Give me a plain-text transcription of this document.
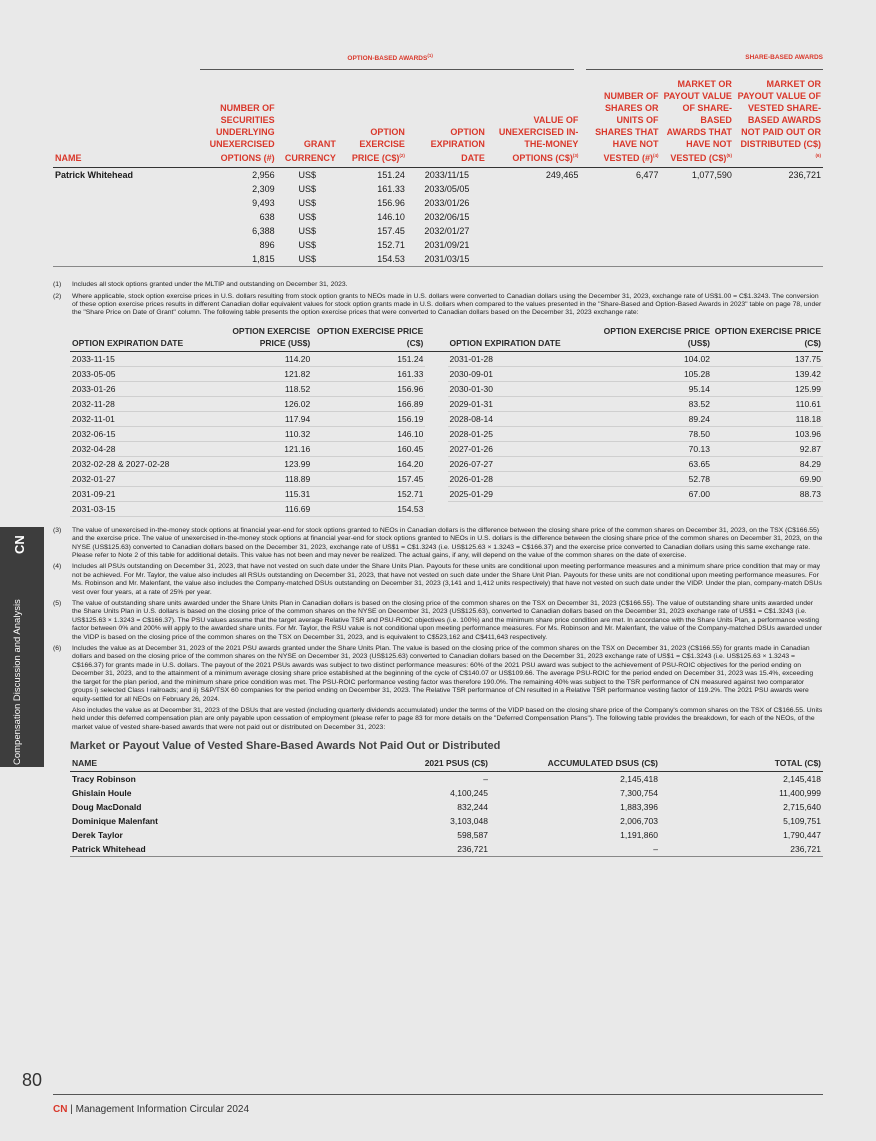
CN
Compensation Discussion and Analysis
	OPTION-BASED AWARDS$^{(1)}$					SHARE-BASED AWARDS		

NAME	NUMBER OF SECURITIES UNDERLYING UNEXERCISED OPTIONS (#)	GRANT CURRENCY	OPTION EXERCISE PRICE (C$)$^{(2)}$	OPTION EXPIRATION DATE	VALUE OF UNEXERCISED IN-THE-MONEY OPTIONS (C$)$^{(3)}$	NUMBER OF SHARES OR UNITS OF SHARES THAT HAVE NOT VESTED (#)$^{(4)}$	MARKET OR PAYOUT VALUE OF SHARE-BASED AWARDS THAT HAVE NOT VESTED (C$)$^{(5)}$	MARKET OR PAYOUT VALUE OF VESTED SHARE-BASED AWARDS NOT PAID OUT OR DISTRIBUTED (C$)$^{(6)}$
Patrick Whitehead	2,956	US$	151.24	2033/11/15	249,465	6,477	1,077,590	236,721
	2,309	US$	161.33	2033/05/05				
	9,493	US$	156.96	2033/01/26				
	638	US$	146.10	2032/06/15				
	6,388	US$	157.45	2032/01/27				
	896	US$	152.71	2031/09/21				
	1,815	US$	154.53	2031/03/15				
(1) Includes all stock options granted under the MLTIP and outstanding on December 31, 2023.
(2) Where applicable, stock option exercise prices in U.S. dollars resulting from stock option grants to NEOs made in U.S. dollars were converted to Canadian dollars using the December 31, 2023, exchange rate of US$1.00 = C$1.3243. The conversion of these option exercise prices results in different Canadian dollar equivalent values for stock option grants made in U.S. dollars when compared to the values presented in the "Share-Based and Option-Based Awards in 2023" table on page 78, under the "Share Price on Date of Grant" column. The following table presents the option exercise prices that were converted to Canadian dollars based on the December 31, 2023 exchange rate:
OPTION EXPIRATION DATE	OPTION EXERCISE PRICE (US$)	OPTION EXERCISE PRICE (C$)		OPTION EXPIRATION DATE	OPTION EXERCISE PRICE (US$)	OPTION EXERCISE PRICE (C$)
2033-11-15	114.20	151.24		2031-01-28	104.02	137.75
2033-05-05	121.82	161.33		2030-09-01	105.28	139.42
2033-01-26	118.52	156.96		2030-01-30	95.14	125.99
2032-11-28	126.02	166.89		2029-01-31	83.52	110.61
2032-11-01	117.94	156.19		2028-08-14	89.24	118.18
2032-06-15	110.32	146.10		2028-01-25	78.50	103.96
2032-04-28	121.16	160.45		2027-01-26	70.13	92.87
2032-02-28 & 2027-02-28	123.99	164.20		2026-07-27	63.65	84.29
2032-01-27	118.89	157.45		2026-01-28	52.78	69.90
2031-09-21	115.31	152.71		2025-01-29	67.00	88.73
2031-03-15	116.69	154.53				
(3) The value of unexercised in-the-money stock options at financial year-end for stock options granted to NEOs in Canadian dollars is the difference between the closing share price of the common shares on December 31, 2023, on the TSX (C$166.55) and the exercise price. The value of unexercised in-the-money stock options at financial year-end for stock options granted to NEOs in U.S. dollars is the difference between the closing share price of the common shares on December 31, 2023, on the NYSE (US$125.63) converted to Canadian dollars based on the December 31, 2023, exchange rate of US$1 = C$1.3243 (i.e. US$125.63 × 1.3243 = C$166.37) and the exercise price converted to Canadian dollars using this same exchange rate. Please refer to Note 2 of this table for additional details. This value has not been and may never be realized. The actual gains, if any, will depend on the value of the common shares on the date of exercise.
(4) Includes all PSUs outstanding on December 31, 2023, that have not vested on such date under the Share Units Plan. Payouts for these units are conditional upon meeting performance measures and a minimum share price condition that may or may not be achieved. For Mr. Taylor, the value also includes all RSUs outstanding on December 31, 2023, that have not vested on such date under the Share Unit Plan. Payouts for these units are not conditional upon meeting performance measures. For Ms. Robinson and Mr. Malenfant, the value also includes the Company-matched DSUs outstanding on December 31, 2023 (3,141 and 1,412 units respectively) that have not vested on such date under the VIDP. Under the plan, company-match DSUs vest over four years, at a rate of 25% per year.
(5) The value of outstanding share units awarded under the Share Units Plan in Canadian dollars is based on the closing price of the common shares on the TSX on December 31, 2023 (C$166.55). The value of outstanding share units awarded under the Share Units Plan in U.S. dollars is based on the closing price of the common shares on the NYSE on December 31, 2023 (US$125.63), converted to Canadian dollars based on the December 31, 2023 exchange rate of US$1 = C$1.3243 (i.e. US$125.63 × 1.3243 = C$166.37). The PSU values assume that the target average Relative TSR and PSU-ROIC objectives (i.e. 100%) and the minimum share price condition are met. In accordance with the Share Units Plan, a performance vesting factor between 0% and 200% will apply to the awarded share units. For Mr. Taylor, the RSU value is not conditional upon meeting performance measures. For Ms. Robinson and Mr. Malenfant, the value of the Company-matched DSUs awarded under the VIDP is based on the closing price of the common shares on the TSX on December 31, 2023, and is equivalent to C$523,162 and C$411,643 respectively.
(6) Includes the value as at December 31, 2023 of the 2021 PSU awards granted under the Share Units Plan. The value is based on the closing price of the common shares on the TSX on December 31, 2023 (C$166.55) for grants made in Canadian dollars and based on the closing price of the common shares on the NYSE on December 31, 2023 (US$125.63) converted to Canadian dollars based on the December 31, 2023 exchange rate of US$1 = C$1.3243 (i.e. US$125.63 × 1.3243 = C$166.37) for grants made in U.S. dollars. The payout of the 2021 PSUs awards was subject to two distinct performance measures: 60% of the 2021 PSU award was subject to the achievement of PSU-ROIC objectives for the period ending on December 31, 2023, and to the attainment of a minimum average closing share price established at the beginning of the cycle of C$140.07 or US$109.66. The average PSU-ROIC for the period ended on December 31, 2023 was 15.4%, exceeding the target for the plan period, and the minimum share price condition was met. The PSU-ROIC performance vesting factor was therefore 190.0%. The remaining 40% was subject to the TSR performance of CN measured against two comparator groups i) selected Class I railroads; and ii) S&P/TSX 60 companies for the period ending on December 31, 2023. The Relative TSR performance of CN resulted in a Relative TSR performance vesting factor of 119.2%. The 2021 PSU awards were equity-settled for all NEOs on February 26, 2024.
Also includes the value as at December 31, 2023 of the DSUs that are vested (including quarterly dividends accumulated) under the terms of the VIDP based on the closing share price of the Company's common shares on the TSX of C$166.55. Units held under this deferred compensation plan are only payable upon cessation of employment (please refer to page 83 for more details on the "Deferred Compensation Plans"). The following table provides the breakdown, for each of the NEOs, of the market value of vested share-based awards that were not paid out or distributed on December 31, 2023:
Market or Payout Value of Vested Share-Based Awards Not Paid Out or Distributed
NAME	2021 PSUS (C$)	ACCUMULATED DSUS (C$)	TOTAL (C$)
Tracy Robinson	–	2,145,418	2,145,418
Ghislain Houle	4,100,245	7,300,754	11,400,999
Doug MacDonald	832,244	1,883,396	2,715,640
Dominique Malenfant	3,103,048	2,006,703	5,109,751
Derek Taylor	598,587	1,191,860	1,790,447
Patrick Whitehead	236,721	–	236,721
80
CN | Management Information Circular 2024
